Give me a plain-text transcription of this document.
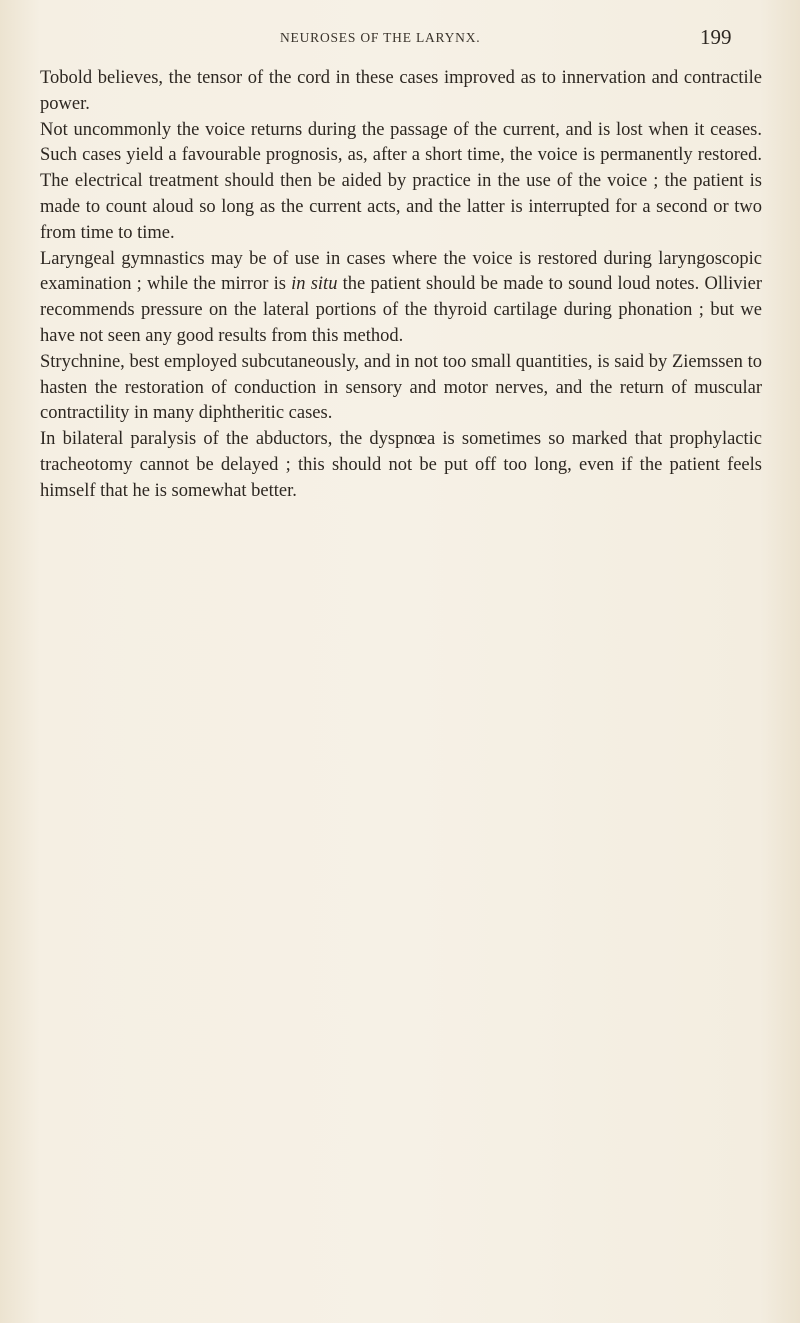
NEUROSES OF THE LARYNX.	199

Tobold believes, the tensor of the cord in these cases improved as to innervation and contractile power.

Not uncommonly the voice returns during the passage of the current, and is lost when it ceases. Such cases yield a favourable prognosis, as, after a short time, the voice is permanently restored. The electrical treatment should then be aided by practice in the use of the voice ; the patient is made to count aloud so long as the current acts, and the latter is interrupted for a second or two from time to time.

Laryngeal gymnastics may be of use in cases where the voice is restored during laryngoscopic examination ; while the mirror is in situ the patient should be made to sound loud notes. Ollivier recommends pressure on the lateral portions of the thyroid cartilage during phonation ; but we have not seen any good results from this method.

Strychnine, best employed subcutaneously, and in not too small quantities, is said by Ziemssen to hasten the restoration of conduction in sensory and motor nerves, and the return of muscular contractility in many diphtheritic cases.

In bilateral paralysis of the abductors, the dyspnœa is sometimes so marked that prophylactic tracheotomy cannot be delayed ; this should not be put off too long, even if the patient feels himself that he is somewhat better.
